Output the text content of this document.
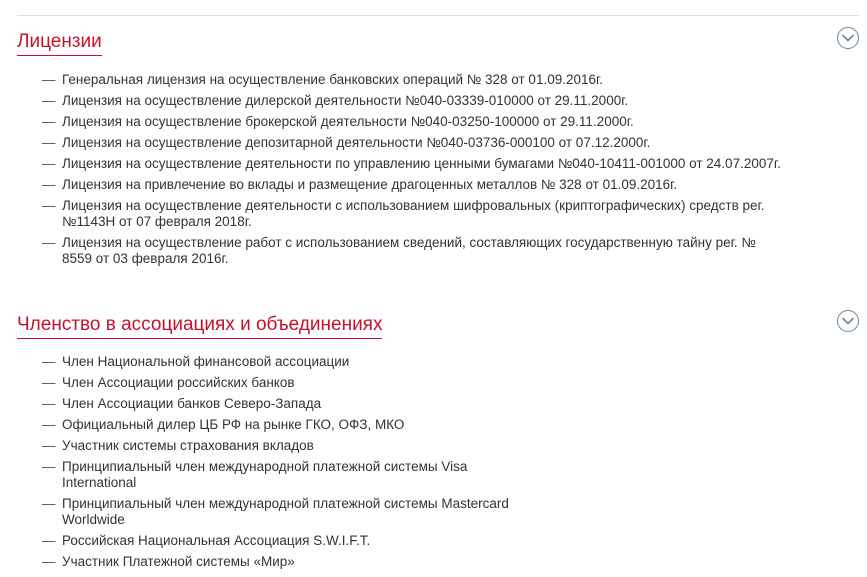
Лицензии
— Генеральная лицензия на осуществление банковских операций № 328 от 01.09.2016г.
— Лицензия на осуществление дилерской деятельности №040-03339-010000 от 29.11.2000г.
— Лицензия на осуществление брокерской деятельности №040-03250-100000 от 29.11.2000г.
— Лицензия на осуществление депозитарной деятельности №040-03736-000100 от 07.12.2000г.
— Лицензия на осуществление деятельности по управлению ценными бумагами №040-10411-001000 от 24.07.2007г.
— Лицензия на привлечение во вклады и размещение драгоценных металлов № 328 от 01.09.2016г.
— Лицензия на осуществление деятельности с использованием шифровальных (криптографических) средств рег. №1143Н от 07 февраля 2018г.
— Лицензия на осуществление работ с использованием сведений, составляющих государственную тайну рег. № 8559 от 03 февраля 2016г.
Членство в ассоциациях и объединениях
— Член Национальной финансовой ассоциации
— Член Ассоциации российских банков
— Член Ассоциации банков Северо-Запада
— Официальный дилер ЦБ РФ на рынке ГКО, ОФЗ, МКО
— Участник системы страхования вкладов
— Принципиальный член международной платежной системы Visa International
— Принципиальный член международной платежной системы Mastercard Worldwide
— Российская Национальная Ассоциация S.W.I.F.T.
— Участник Платежной системы «Мир»
